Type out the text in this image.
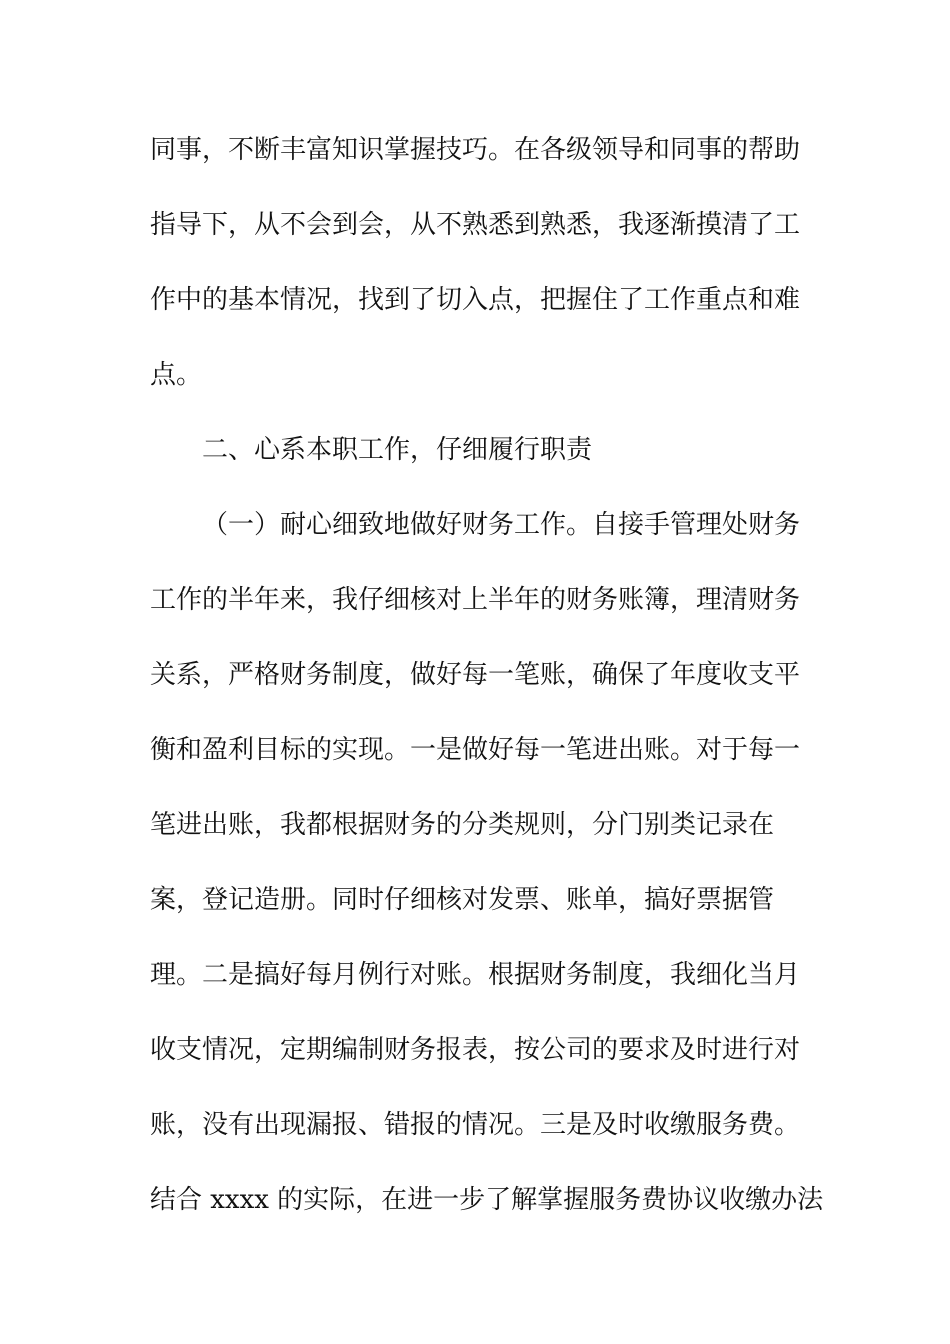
同事，不断丰富知识掌握技巧。在各级领导和同事的帮助

指导下，从不会到会，从不熟悉到熟悉，我逐渐摸清了工

作中的基本情况，找到了切入点，把握住了工作重点和难

点。

二、心系本职工作，仔细履行职责

（一）耐心细致地做好财务工作。自接手管理处财务

工作的半年来，我仔细核对上半年的财务账簿，理清财务

关系，严格财务制度，做好每一笔账，确保了年度收支平

衡和盈利目标的实现。一是做好每一笔进出账。对于每一

笔进出账，我都根据财务的分类规则，分门别类记录在

案，登记造册。同时仔细核对发票、账单，搞好票据管

理。二是搞好每月例行对账。根据财务制度，我细化当月

收支情况，定期编制财务报表，按公司的要求及时进行对

账，没有出现漏报、错报的情况。三是及时收缴服务费。

结合 xxxx 的实际，在进一步了解掌握服务费协议收缴办法
